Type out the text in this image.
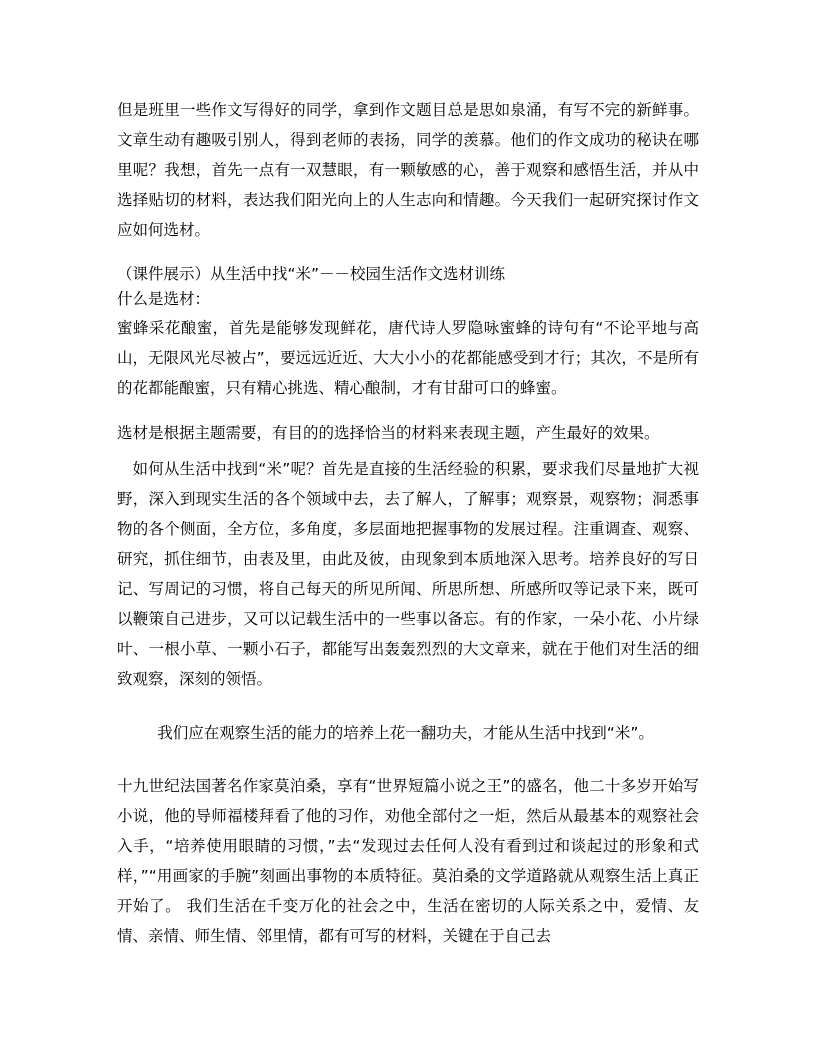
但是班里一些作文写得好的同学，拿到作文题目总是思如泉涌，有写不完的新鲜事。文章生动有趣吸引别人，得到老师的表扬，同学的羡慕。他们的作文成功的秘诀在哪里呢？我想，首先一点有一双慧眼，有一颗敏感的心，善于观察和感悟生活，并从中选择贴切的材料，表达我们阳光向上的人生志向和情趣。今天我们一起研究探讨作文应如何选材。

（课件展示）从生活中找“米”－－校园生活作文选材训练

什么是选材：

蜜蜂采花酿蜜，首先是能够发现鲜花，唐代诗人罗隐咏蜜蜂的诗句有“不论平地与高山，无限风光尽被占”，要远远近近、大大小小的花都能感受到才行；其次，不是所有的花都能酿蜜，只有精心挑选、精心酿制，才有甘甜可口的蜂蜜。

选材是根据主题需要，有目的的选择恰当的材料来表现主题，产生最好的效果。

如何从生活中找到“米”呢？首先是直接的生活经验的积累，要求我们尽量地扩大视野，深入到现实生活的各个领域中去，去了解人，了解事；观察景，观察物；洞悉事物的各个侧面，全方位，多角度，多层面地把握事物的发展过程。注重调查、观察、研究，抓住细节，由表及里，由此及彼，由现象到本质地深入思考。培养良好的写日记、写周记的习惯，将自己每天的所见所闻、所思所想、所感所叹等记录下来，既可以鞭策自己进步，又可以记载生活中的一些事以备忘。有的作家，一朵小花、小片绿叶、一根小草、一颗小石子，都能写出轰轰烈烈的大文章来，就在于他们对生活的细致观察，深刻的领悟。

我们应在观察生活的能力的培养上花一翻功夫，才能从生活中找到“米”。

十九世纪法国著名作家莫泊桑，享有“世界短篇小说之王”的盛名，他二十多岁开始写小说，他的导师福楼拜看了他的习作，劝他全部付之一炬，然后从最基本的观察社会入手，“培养使用眼睛的习惯，”去“发现过去任何人没有看到过和谈起过的形象和式样，”“用画家的手腕”刻画出事物的本质特征。莫泊桑的文学道路就从观察生活上真正开始了。 我们生活在千变万化的社会之中，生活在密切的人际关系之中，爱情、友情、亲情、师生情、邻里情，都有可写的材料，关键在于自己去
